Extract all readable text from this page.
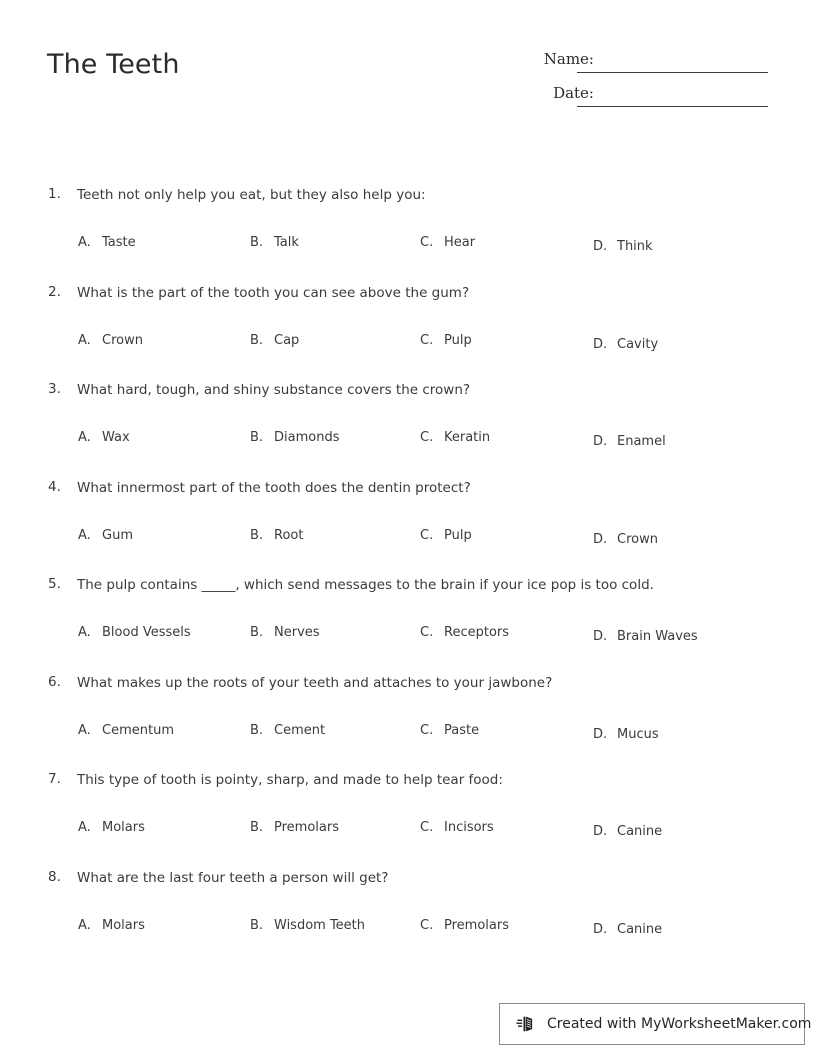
The Teeth	Name:
Date:
1. Teeth not only help you eat, but they also help you:
A. Taste	B. Talk	C. Hear	D. Think
2. What is the part of the tooth you can see above the gum?
A. Crown	B. Cap	C. Pulp	D. Cavity
3. What hard, tough, and shiny substance covers the crown?
A. Wax	B. Diamonds	C. Keratin	D. Enamel
4. What innermost part of the tooth does the dentin protect?
A. Gum	B. Root	C. Pulp	D. Crown
5. The pulp contains _____, which send messages to the brain if your ice pop is too cold.
A. Blood Vessels	B. Nerves	C. Receptors	D. Brain Waves
6. What makes up the roots of your teeth and attaches to your jawbone?
A. Cementum	B. Cement	C. Paste	D. Mucus
7. This type of tooth is pointy, sharp, and made to help tear food:
A. Molars	B. Premolars	C. Incisors	D. Canine
8. What are the last four teeth a person will get?
A. Molars	B. Wisdom Teeth	C. Premolars	D. Canine
Created with MyWorksheetMaker.com
